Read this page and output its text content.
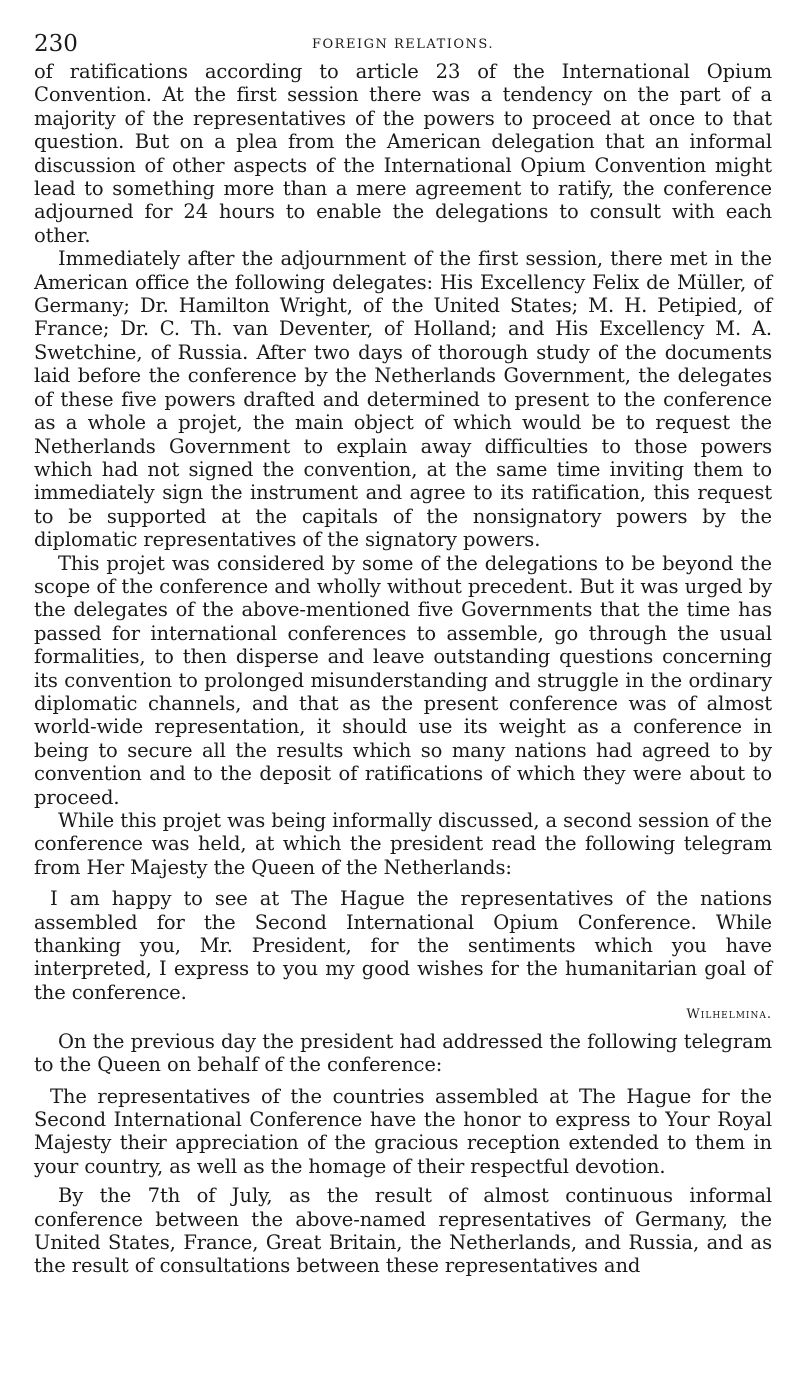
230	FOREIGN RELATIONS.

of ratifications according to article 23 of the International Opium Convention. At the first session there was a tendency on the part of a majority of the representatives of the powers to proceed at once to that question. But on a plea from the American delegation that an informal discussion of other aspects of the International Opium Convention might lead to something more than a mere agreement to ratify, the conference adjourned for 24 hours to enable the delegations to consult with each other.

Immediately after the adjournment of the first session, there met in the American office the following delegates: His Excellency Felix de Müller, of Germany; Dr. Hamilton Wright, of the United States; M. H. Petipied, of France; Dr. C. Th. van Deventer, of Holland; and His Excellency M. A. Swetchine, of Russia. After two days of thorough study of the documents laid before the conference by the Netherlands Government, the delegates of these five powers drafted and determined to present to the conference as a whole a projet, the main object of which would be to request the Netherlands Government to explain away difficulties to those powers which had not signed the convention, at the same time inviting them to immediately sign the instrument and agree to its ratification, this request to be supported at the capitals of the nonsignatory powers by the diplomatic representatives of the signatory powers.

This projet was considered by some of the delegations to be beyond the scope of the conference and wholly without precedent. But it was urged by the delegates of the above-mentioned five Governments that the time has passed for international conferences to assemble, go through the usual formalities, to then disperse and leave outstanding questions concerning its convention to prolonged misunderstanding and struggle in the ordinary diplomatic channels, and that as the present conference was of almost world-wide representation, it should use its weight as a conference in being to secure all the results which so many nations had agreed to by convention and to the deposit of ratifications of which they were about to proceed.

While this projet was being informally discussed, a second session of the conference was held, at which the president read the following telegram from Her Majesty the Queen of the Netherlands:

I am happy to see at The Hague the representatives of the nations assembled for the Second International Opium Conference. While thanking you, Mr. President, for the sentiments which you have interpreted, I express to you my good wishes for the humanitarian goal of the conference.

Wilhelmina.

On the previous day the president had addressed the following telegram to the Queen on behalf of the conference:

The representatives of the countries assembled at The Hague for the Second International Conference have the honor to express to Your Royal Majesty their appreciation of the gracious reception extended to them in your country, as well as the homage of their respectful devotion.

By the 7th of July, as the result of almost continuous informal conference between the above-named representatives of Germany, the United States, France, Great Britain, the Netherlands, and Russia, and as the result of consultations between these representatives and
